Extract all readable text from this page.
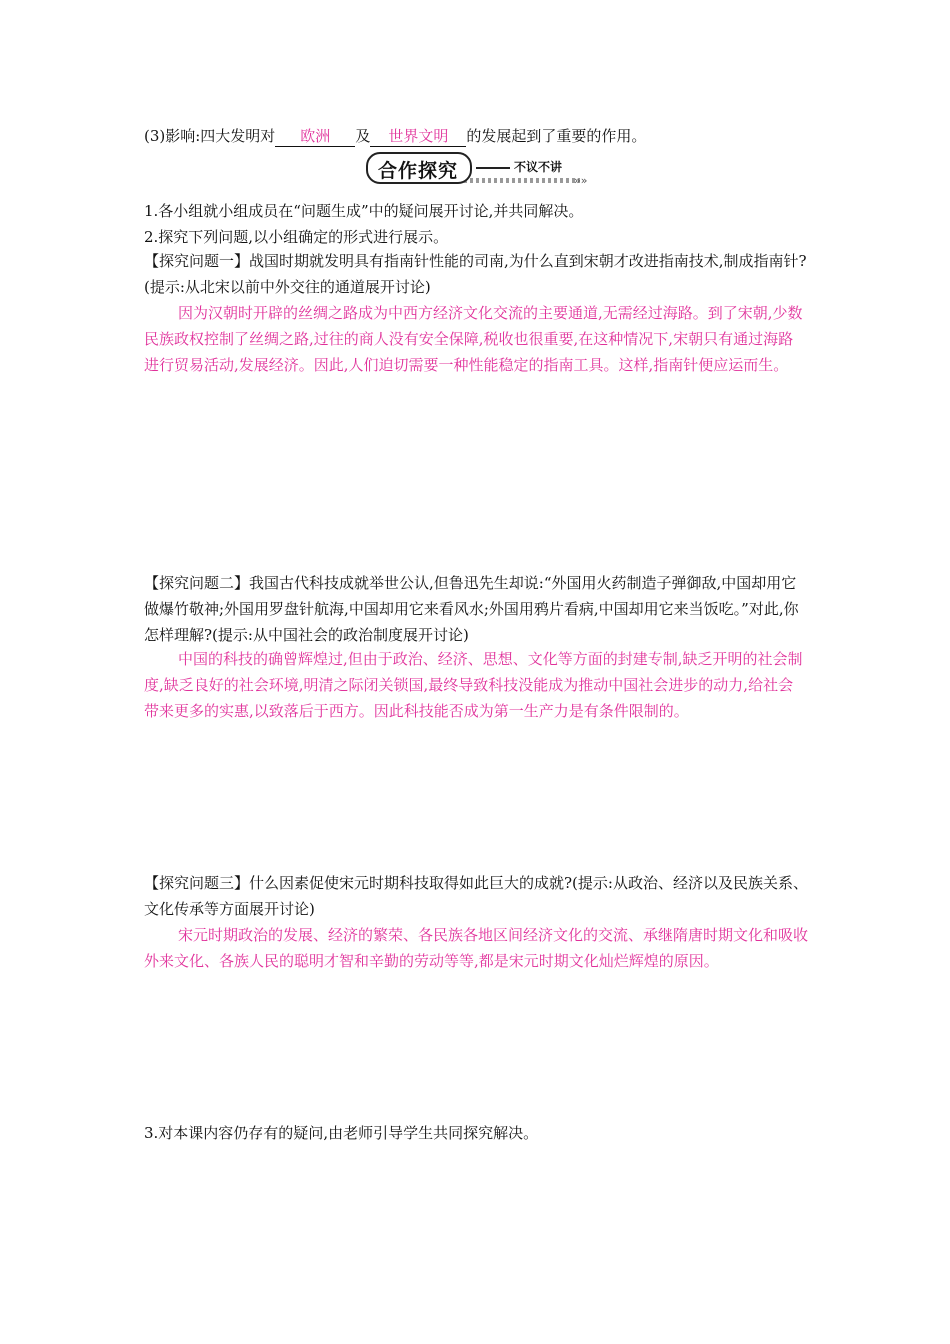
(3)影响:四大发明对 欧洲 及 世界文明 的发展起到了重要的作用。
合作探究	不议不讲
»»
1.各小组就小组成员在“问题生成”中的疑问展开讨论,并共同解决。
2.探究下列问题,以小组确定的形式进行展示。
【探究问题一】战国时期就发明具有指南针性能的司南,为什么直到宋朝才改进指南技术,制成指南针?(提示:从北宋以前中外交往的通道展开讨论)
因为汉朝时开辟的丝绸之路成为中西方经济文化交流的主要通道,无需经过海路。到了宋朝,少数民族政权控制了丝绸之路,过往的商人没有安全保障,税收也很重要,在这种情况下,宋朝只有通过海路进行贸易活动,发展经济。因此,人们迫切需要一种性能稳定的指南工具。这样,指南针便应运而生。
【探究问题二】我国古代科技成就举世公认,但鲁迅先生却说:“外国用火药制造子弹御敌,中国却用它做爆竹敬神;外国用罗盘针航海,中国却用它来看风水;外国用鸦片看病,中国却用它来当饭吃。”对此,你怎样理解?(提示:从中国社会的政治制度展开讨论)
中国的科技的确曾辉煌过,但由于政治、经济、思想、文化等方面的封建专制,缺乏开明的社会制度,缺乏良好的社会环境,明清之际闭关锁国,最终导致科技没能成为推动中国社会进步的动力,给社会带来更多的实惠,以致落后于西方。因此科技能否成为第一生产力是有条件限制的。
【探究问题三】什么因素促使宋元时期科技取得如此巨大的成就?(提示:从政治、经济以及民族关系、文化传承等方面展开讨论)
宋元时期政治的发展、经济的繁荣、各民族各地区间经济文化的交流、承继隋唐时期文化和吸收外来文化、各族人民的聪明才智和辛勤的劳动等等,都是宋元时期文化灿烂辉煌的原因。
3.对本课内容仍存有的疑问,由老师引导学生共同探究解决。
